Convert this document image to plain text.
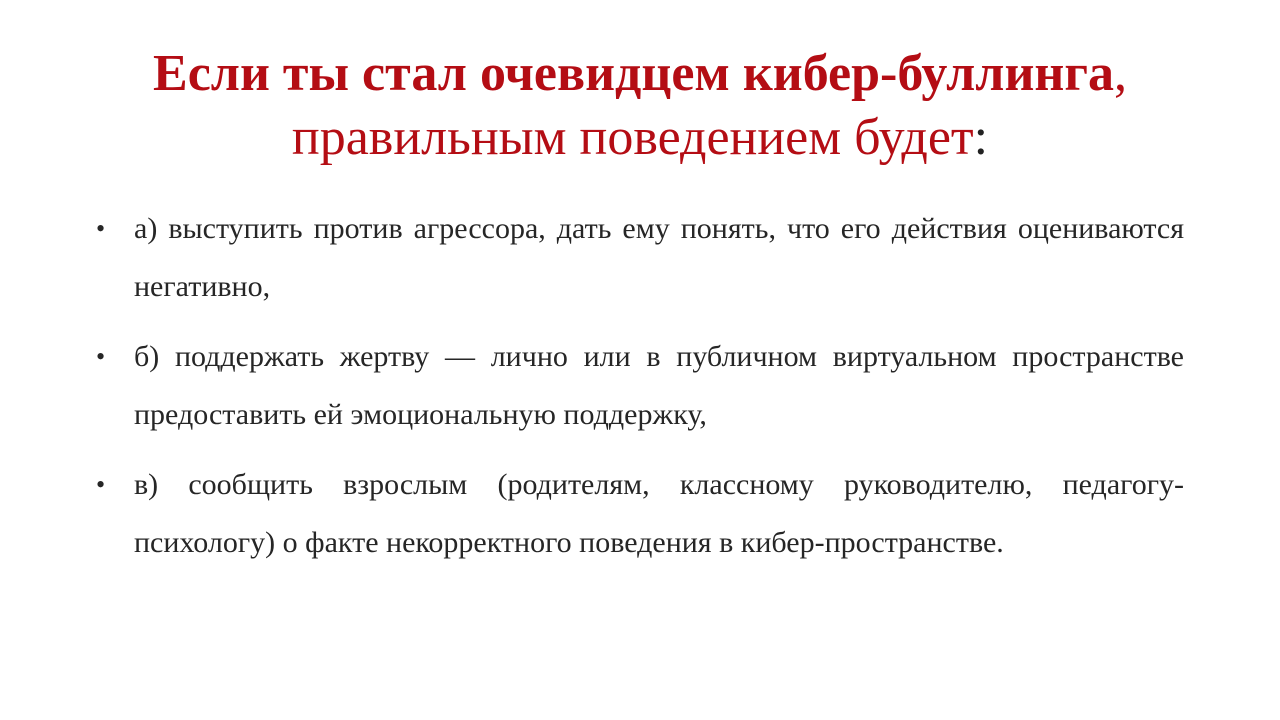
Если ты стал очевидцем кибер-буллинга, правильным поведением будет:
• а) выступить против агрессора, дать ему понять, что его действия оцениваются негативно,
• б) поддержать жертву — лично или в публичном виртуальном пространстве предоставить ей эмоциональную поддержку,
• в) сообщить взрослым (родителям, классному руководителю, педагогу-психологу) о факте некорректного поведения в кибер-пространстве.
